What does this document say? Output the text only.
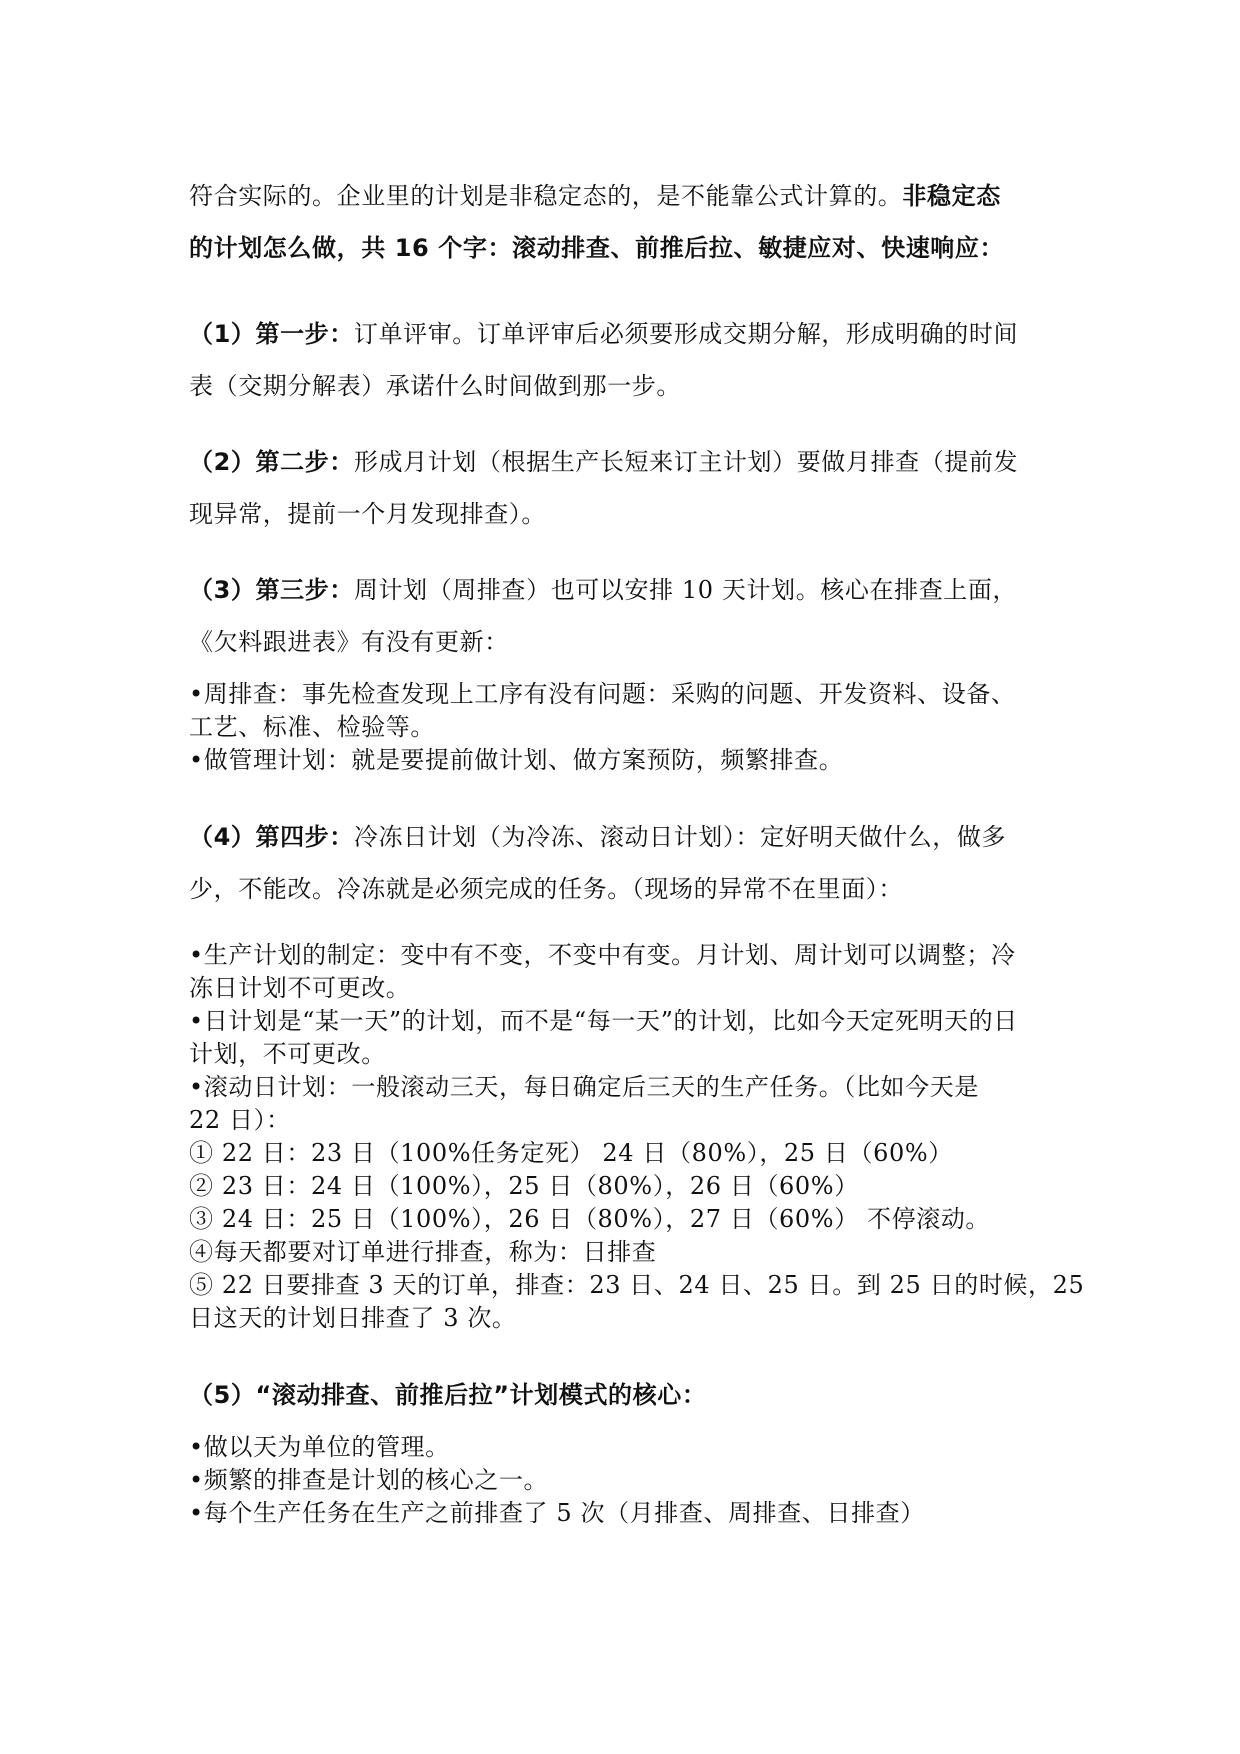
符合实际的。企业里的计划是非稳定态的，是不能靠公式计算的。非稳定态
的计划怎么做，共 16 个字：滚动排查、前推后拉、敏捷应对、快速响应：

（1）第一步：订单评审。订单评审后必须要形成交期分解，形成明确的时间
表（交期分解表）承诺什么时间做到那一步。

（2）第二步：形成月计划（根据生产长短来订主计划）要做月排查（提前发
现异常，提前一个月发现排查）。

（3）第三步：周计划（周排查）也可以安排 10 天计划。核心在排查上面，
《欠料跟进表》有没有更新：

•周排查：事先检查发现上工序有没有问题：采购的问题、开发资料、设备、
工艺、标准、检验等。
•做管理计划：就是要提前做计划、做方案预防，频繁排查。

（4）第四步：冷冻日计划（为冷冻、滚动日计划）：定好明天做什么，做多
少，不能改。冷冻就是必须完成的任务。（现场的异常不在里面）：

•生产计划的制定：变中有不变，不变中有变。月计划、周计划可以调整；冷
冻日计划不可更改。
•日计划是“某一天”的计划，而不是“每一天”的计划，比如今天定死明天的日
计划，不可更改。
•滚动日计划：一般滚动三天，每日确定后三天的生产任务。（比如今天是
22 日）：
① 22 日：23 日（100%任务定死） 24 日（80%），25 日（60%）
② 23 日：24 日（100%），25 日（80%），26 日（60%）
③ 24 日：25 日（100%），26 日（80%），27 日（60%） 不停滚动。
④每天都要对订单进行排查，称为：日排查
⑤ 22 日要排查 3 天的订单，排查：23 日、24 日、25 日。到 25 日的时候，25
日这天的计划日排查了 3 次。

（5）“滚动排查、前推后拉”计划模式的核心：

•做以天为单位的管理。
•频繁的排查是计划的核心之一。
•每个生产任务在生产之前排查了 5 次（月排查、周排查、日排查）
